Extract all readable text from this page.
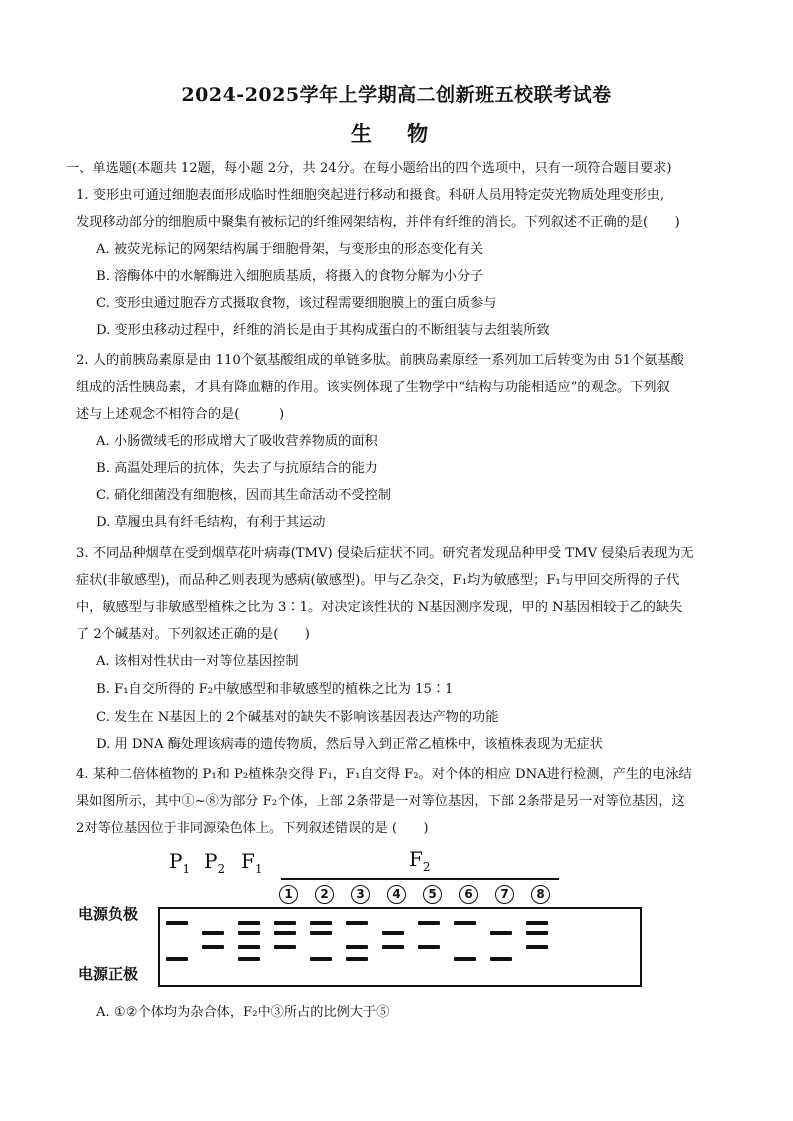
2024-2025学年上学期高二创新班五校联考试卷
生 物
一、单选题(本题共 12题，每小题 2分，共 24分。在每小题给出的四个选项中，只有一项符合题目要求)
1. 变形虫可通过细胞表面形成临时性细胞突起进行移动和摄食。科研人员用特定荧光物质处理变形虫,
发现移动部分的细胞质中聚集有被标记的纤维网架结构，并伴有纤维的消长。下列叙述不正确的是(　　)
A. 被荧光标记的网架结构属于细胞骨架，与变形虫的形态变化有关
B. 溶酶体中的水解酶进入细胞质基质，将摄入的食物分解为小分子
C. 变形虫通过胞吞方式摄取食物，该过程需要细胞膜上的蛋白质参与
D. 变形虫移动过程中，纤维的消长是由于其构成蛋白的不断组装与去组装所致
2. 人的前胰岛素原是由 110个氨基酸组成的单链多肽。前胰岛素原经一系列加工后转变为由 51个氨基酸
组成的活性胰岛素，才具有降血糖的作用。该实例体现了生物学中“结构与功能相适应”的观念。下列叙
述与上述观念不相符合的是(　　　)
A. 小肠微绒毛的形成增大了吸收营养物质的面积
B. 高温处理后的抗体，失去了与抗原结合的能力
C. 硝化细菌没有细胞核，因而其生命活动不受控制
D. 草履虫具有纤毛结构，有利于其运动
3. 不同品种烟草在受到烟草花叶病毒(TMV) 侵染后症状不同。研究者发现品种甲受 TMV 侵染后表现为无
症状(非敏感型)，而品种乙则表现为感病(敏感型)。甲与乙杂交，F₁均为敏感型；F₁与甲回交所得的子代
中，敏感型与非敏感型植株之比为 3∶1。对决定该性状的 N基因测序发现，甲的 N基因相较于乙的缺失
了 2个碱基对。下列叙述正确的是(　　)
A. 该相对性状由一对等位基因控制
B. F₁自交所得的 F₂中敏感型和非敏感型的植株之比为 15∶1
C. 发生在 N基因上的 2个碱基对的缺失不影响该基因表达产物的功能
D. 用 DNA 酶处理该病毒的遗传物质，然后导入到正常乙植株中，该植株表现为无症状
4. 某种二倍体植物的 P₁和 P₂植株杂交得 F₁，F₁自交得 F₂。对个体的相应 DNA进行检测，产生的电泳结
果如图所示，其中①~⑧为部分 F₂个体，上部 2条带是一对等位基因，下部 2条带是另一对等位基因，这
2对等位基因位于非同源染色体上。下列叙述错误的是 (　　)
电源负极
电源正极
$P_1$ $P_2$ $F_1$	$F_2$
1	2	3	4	5	6	7	8
A. ①②个体均为杂合体，F₂中③所占的比例大于⑤
